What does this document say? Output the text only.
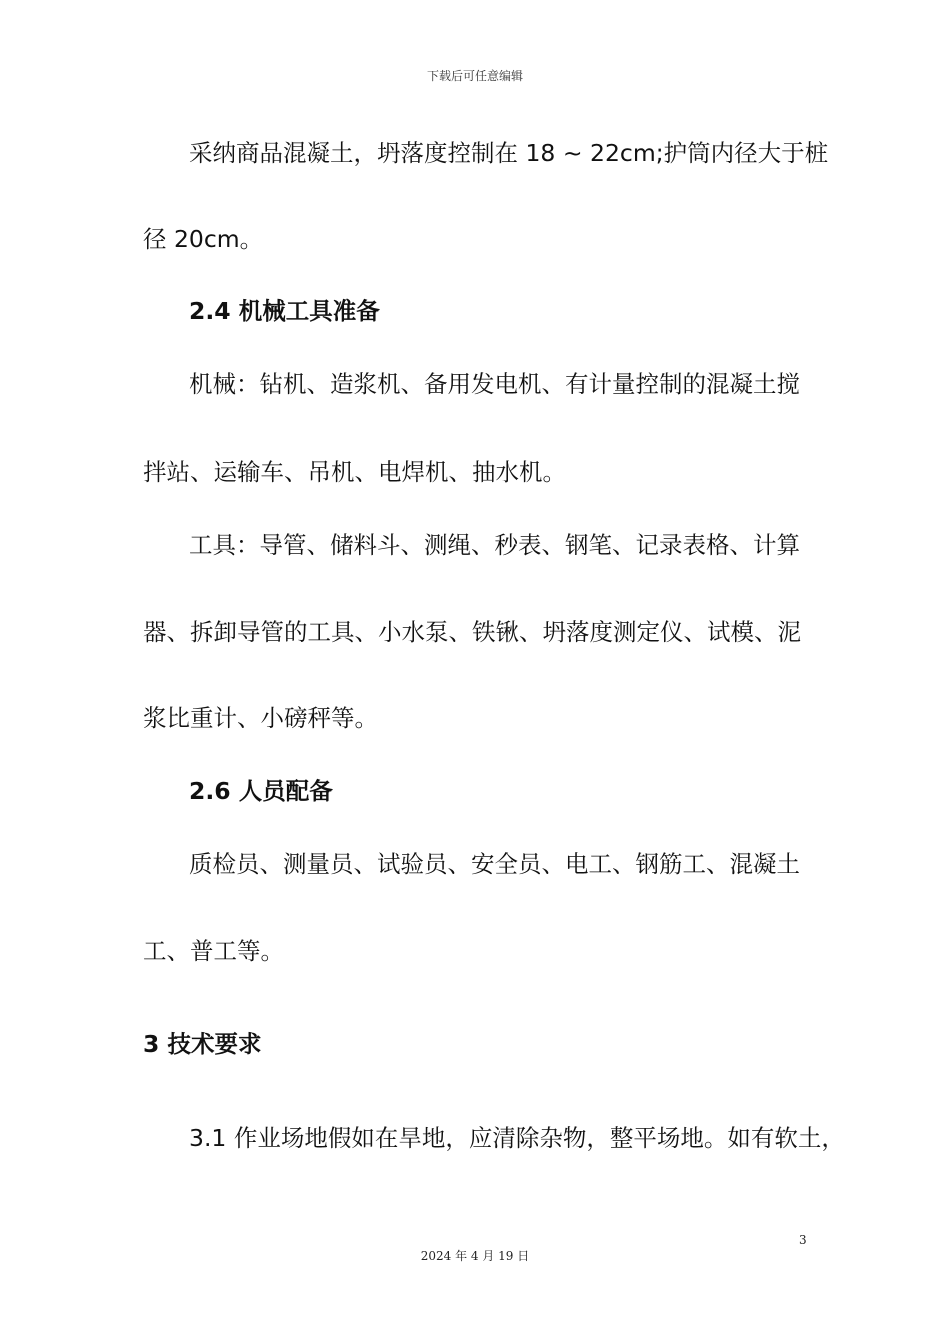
下载后可任意编辑
采纳商品混凝土，坍落度控制在 18 ~ 22cm;护筒内径大于桩
径 20cm。
2.4 机械工具准备
机械：钻机、造浆机、备用发电机、有计量控制的混凝土搅
拌站、运输车、吊机、电焊机、抽水机。
工具：导管、储料斗、测绳、秒表、钢笔、记录表格、计算
器、拆卸导管的工具、小水泵、铁锹、坍落度测定仪、试模、泥
浆比重计、小磅秤等。
2.6 人员配备
质检员、测量员、试验员、安全员、电工、钢筋工、混凝土
工、普工等。
3 技术要求
3.1 作业场地假如在旱地，应清除杂物，整平场地。如有软土，
3
2024 年 4 月 19 日
